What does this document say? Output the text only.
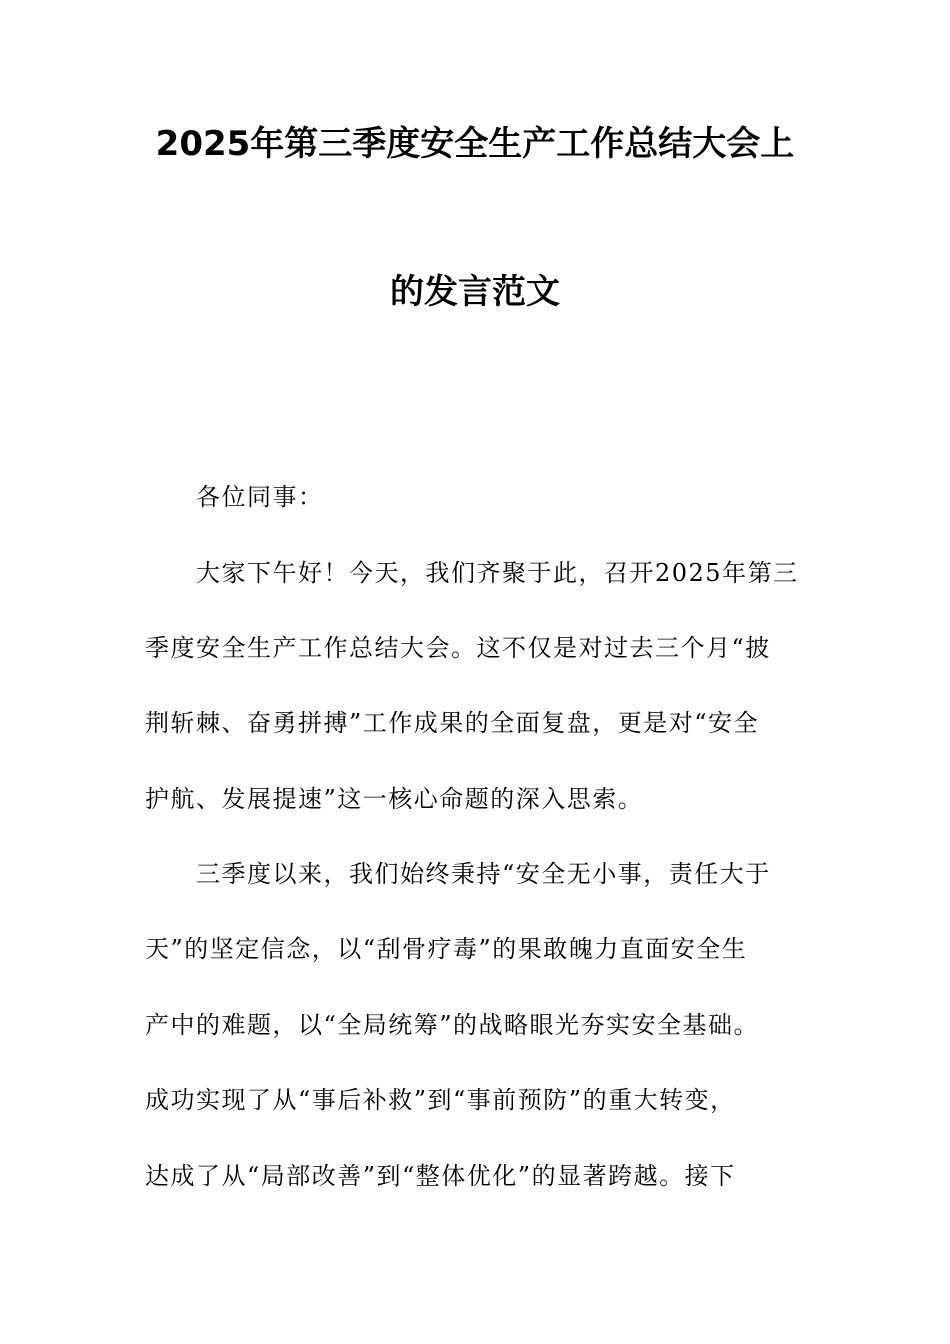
2025年第三季度安全生产工作总结大会上
的发言范文
各位同事：
大家下午好！今天，我们齐聚于此，召开2025年第三
季度安全生产工作总结大会。这不仅是对过去三个月“披
荆斩棘、奋勇拼搏”工作成果的全面复盘，更是对“安全
护航、发展提速”这一核心命题的深入思索。
三季度以来，我们始终秉持“安全无小事，责任大于
天”的坚定信念，以“刮骨疗毒”的果敢魄力直面安全生
产中的难题，以“全局统筹”的战略眼光夯实安全基础。
成功实现了从“事后补救”到“事前预防”的重大转变，
达成了从“局部改善”到“整体优化”的显著跨越。接下
